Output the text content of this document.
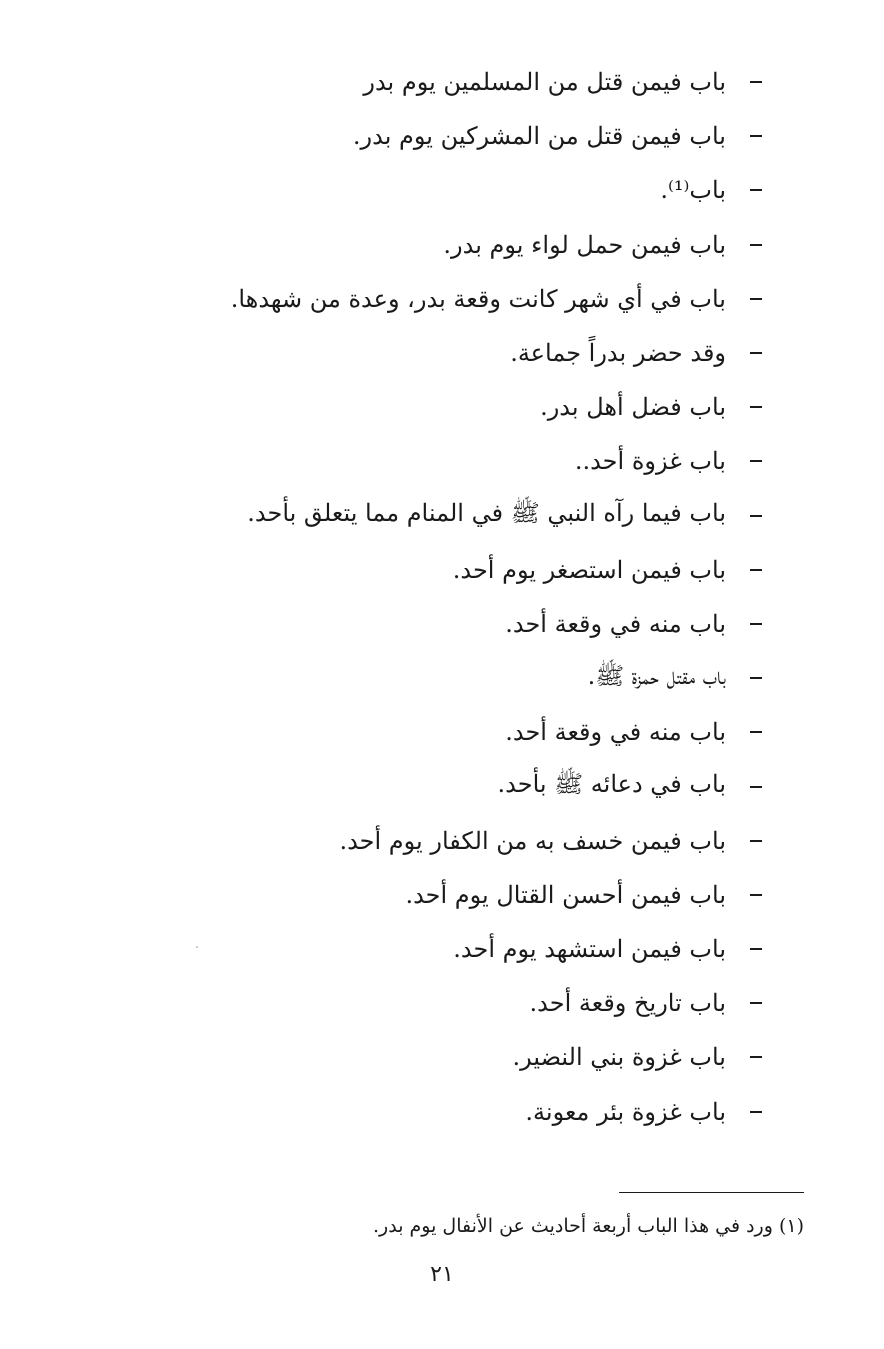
باب فيمن قتل من المسلمين يوم بدر
باب فيمن قتل من المشركين يوم بدر.
باب⁽¹⁾.
باب فيمن حمل لواء يوم بدر.
باب في أي شهر كانت وقعة بدر، وعدة من شهدها.
وقد حضر بدراً جماعة.
باب فضل أهل بدر.
باب غزوة أحد..
باب فيما رآه النبي ﷺ في المنام مما يتعلق بأحد.
باب فيمن استصغر يوم أحد.
باب منه في وقعة أحد.
باب مقتل حمزة ﷺ.
باب منه في وقعة أحد.
باب في دعائه ﷺ بأحد.
باب فيمن خسف به من الكفار يوم أحد.
باب فيمن أحسن القتال يوم أحد.
باب فيمن استشهد يوم أحد.
باب تاريخ وقعة أحد.
باب غزوة بني النضير.
باب غزوة بئر معونة.
(١) ورد في هذا الباب أربعة أحاديث عن الأنفال يوم بدر.
٢١
